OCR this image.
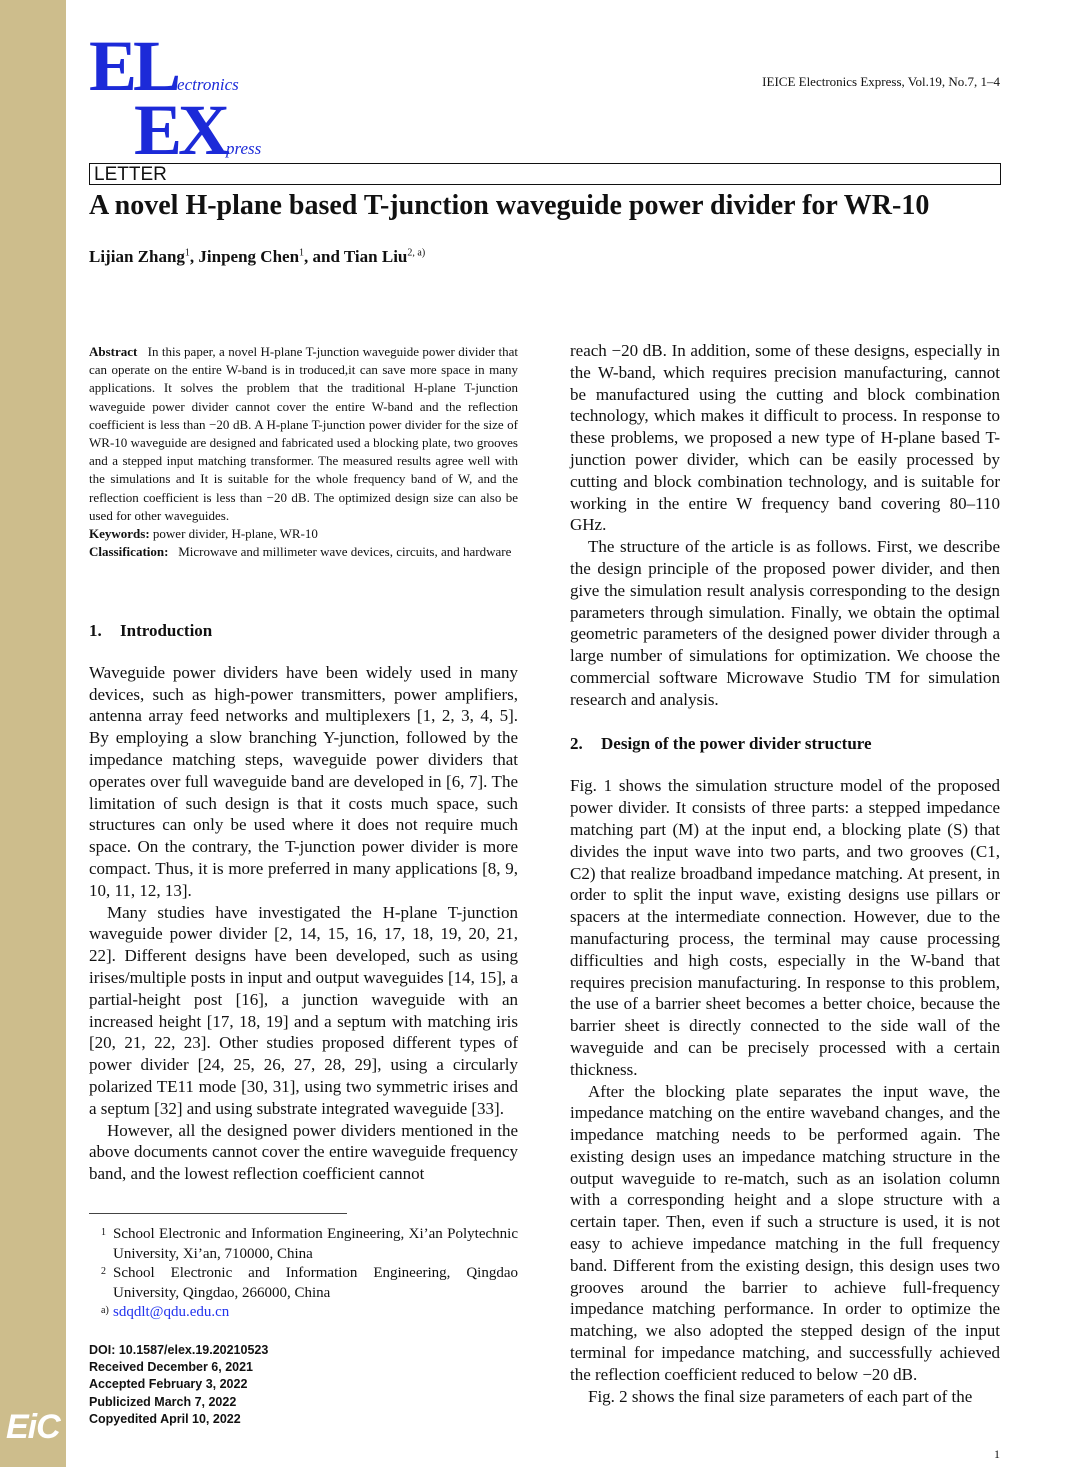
EiC
ELectronics
EXpress
IEICE Electronics Express, Vol.19, No.7, 1–4
LETTER
A novel H-plane based T-junction waveguide power divider for WR-10
Lijian Zhang$^1$, Jinpeng Chen$^1$, and Tian Liu$^{2, a)}$

Abstract In this paper, a novel H-plane T-junction waveguide power divider that can operate on the entire W-band is in troduced,it can save more space in many applications. It solves the problem that the traditional H-plane T-junction waveguide power divider cannot cover the entire W-band and the reflection coefficient is less than −20 dB. A H-plane T-junction power divider for the size of WR-10 waveguide are designed and fabricated used a blocking plate, two grooves and a stepped input matching transformer. The measured results agree well with the simulations and It is suitable for the whole frequency band of W, and the reflection coefficient is less than −20 dB. The optimized design size can also be used for other waveguides.

Keywords: power divider, H-plane, WR-10

Classification: Microwave and millimeter wave devices, circuits, and hardware

1. Introduction

Waveguide power dividers have been widely used in many devices, such as high-power transmitters, power amplifiers, antenna array feed networks and multiplexers [1, 2, 3, 4, 5]. By employing a slow branching Y-junction, followed by the impedance matching steps, waveguide power dividers that operates over full waveguide band are developed in [6, 7]. The limitation of such design is that it costs much space, such structures can only be used where it does not require much space. On the contrary, the T-junction power divider is more compact. Thus, it is more preferred in many applications [8, 9, 10, 11, 12, 13].

Many studies have investigated the H-plane T-junction waveguide power divider [2, 14, 15, 16, 17, 18, 19, 20, 21, 22]. Different designs have been developed, such as using irises/multiple posts in input and output waveguides [14, 15], a partial-height post [16], a junction waveguide with an increased height [17, 18, 19] and a septum with matching iris [20, 21, 22, 23]. Other studies proposed different types of power divider [24, 25, 26, 27, 28, 29], using a circularly polarized TE11 mode [30, 31], using two symmetric irises and a septum [32] and using substrate integrated waveguide [33].

However, all the designed power dividers mentioned in the above documents cannot cover the entire waveguide frequency band, and the lowest reflection coefficient cannot

reach −20 dB. In addition, some of these designs, especially in the W-band, which requires precision manufacturing, cannot be manufactured using the cutting and block combination technology, which makes it difficult to process. In response to these problems, we proposed a new type of H-plane based T-junction power divider, which can be easily processed by cutting and block combination technology, and is suitable for working in the entire W frequency band covering 80–110 GHz.

The structure of the article is as follows. First, we describe the design principle of the proposed power divider, and then give the simulation result analysis corresponding to the design parameters through simulation. Finally, we obtain the optimal geometric parameters of the designed power divider through a large number of simulations for optimization. We choose the commercial software Microwave Studio TM for simulation research and analysis.

2. Design of the power divider structure

Fig. 1 shows the simulation structure model of the proposed power divider. It consists of three parts: a stepped impedance matching part (M) at the input end, a blocking plate (S) that divides the input wave into two parts, and two grooves (C1, C2) that realize broadband impedance matching. At present, in order to split the input wave, existing designs use pillars or spacers at the intermediate connection. However, due to the manufacturing process, the terminal may cause processing difficulties and high costs, especially in the W-band that requires precision manufacturing. In response to this problem, the use of a barrier sheet becomes a better choice, because the barrier sheet is directly connected to the side wall of the waveguide and can be precisely processed with a certain thickness.

After the blocking plate separates the input wave, the impedance matching on the entire waveband changes, and the impedance matching needs to be performed again. The existing design uses an impedance matching structure in the output waveguide to re-match, such as an isolation column with a corresponding height and a slope structure with a certain taper. Then, even if such a structure is used, it is not easy to achieve impedance matching in the full frequency band. Different from the existing design, this design uses two grooves around the barrier to achieve full-frequency impedance matching performance. In order to optimize the matching, we also adopted the stepped design of the input terminal for impedance matching, and successfully achieved the reflection coefficient reduced to below −20 dB.

Fig. 2 shows the final size parameters of each part of the

1 School Electronic and Information Engineering, Xi’an Polytechnic University, Xi’an, 710000, China
2 School Electronic and Information Engineering, Qingdao University, Qingdao, 266000, China
a) sdqdlt@qdu.edu.cn
DOI: 10.1587/elex.19.20210523
Received December 6, 2021
Accepted February 3, 2022
Publicized March 7, 2022
Copyedited April 10, 2022
1
